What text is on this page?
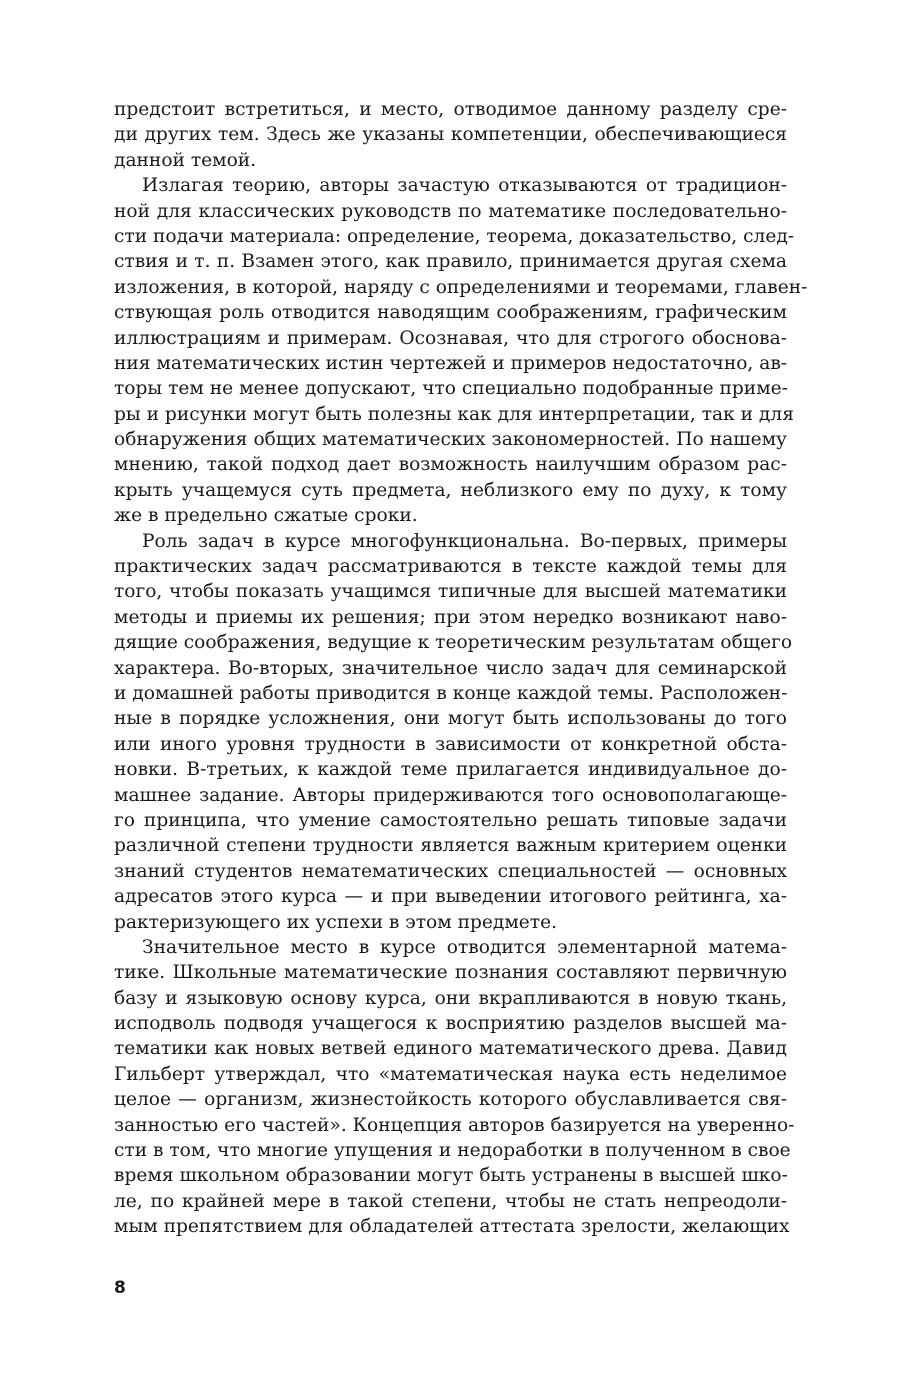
предстоит встретиться, и место, отводимое данному разделу сре-
ди других тем. Здесь же указаны компетенции, обеспечивающиеся
данной темой.
Излагая теорию, авторы зачастую отказываются от традицион-
ной для классических руководств по математике последовательно-
сти подачи материала: определение, теорема, доказательство, след-
ствия и т. п. Взамен этого, как правило, принимается другая схема
изложения, в которой, наряду с определениями и теоремами, главен-
ствующая роль отводится наводящим соображениям, графическим
иллюстрациям и примерам. Осознавая, что для строгого обоснова-
ния математических истин чертежей и примеров недостаточно, ав-
торы тем не менее допускают, что специально подобранные приме-
ры и рисунки могут быть полезны как для интерпретации, так и для
обнаружения общих математических закономерностей. По нашему
мнению, такой подход дает возможность наилучшим образом рас-
крыть учащемуся суть предмета, неблизкого ему по духу, к тому
же в предельно сжатые сроки.
Роль задач в курсе многофункциональна. Во-первых, примеры
практических задач рассматриваются в тексте каждой темы для
того, чтобы показать учащимся типичные для высшей математики
методы и приемы их решения; при этом нередко возникают наво-
дящие соображения, ведущие к теоретическим результатам общего
характера. Во-вторых, значительное число задач для семинарской
и домашней работы приводится в конце каждой темы. Расположен-
ные в порядке усложнения, они могут быть использованы до того
или иного уровня трудности в зависимости от конкретной обста-
новки. В-третьих, к каждой теме прилагается индивидуальное до-
машнее задание. Авторы придерживаются того основополагающе-
го принципа, что умение самостоятельно решать типовые задачи
различной степени трудности является важным критерием оценки
знаний студентов нематематических специальностей — основных
адресатов этого курса — и при выведении итогового рейтинга, ха-
рактеризующего их успехи в этом предмете.
Значительное место в курсе отводится элементарной матема-
тике. Школьные математические познания составляют первичную
базу и языковую основу курса, они вкрапливаются в новую ткань,
исподволь подводя учащегося к восприятию разделов высшей ма-
тематики как новых ветвей единого математического древа. Давид
Гильберт утверждал, что «математическая наука есть неделимое
целое — организм, жизнестойкость которого обуславливается свя-
занностью его частей». Концепция авторов базируется на уверенно-
сти в том, что многие упущения и недоработки в полученном в свое
время школьном образовании могут быть устранены в высшей шко-
ле, по крайней мере в такой степени, чтобы не стать непреодоли-
мым препятствием для обладателей аттестата зрелости, желающих
8
